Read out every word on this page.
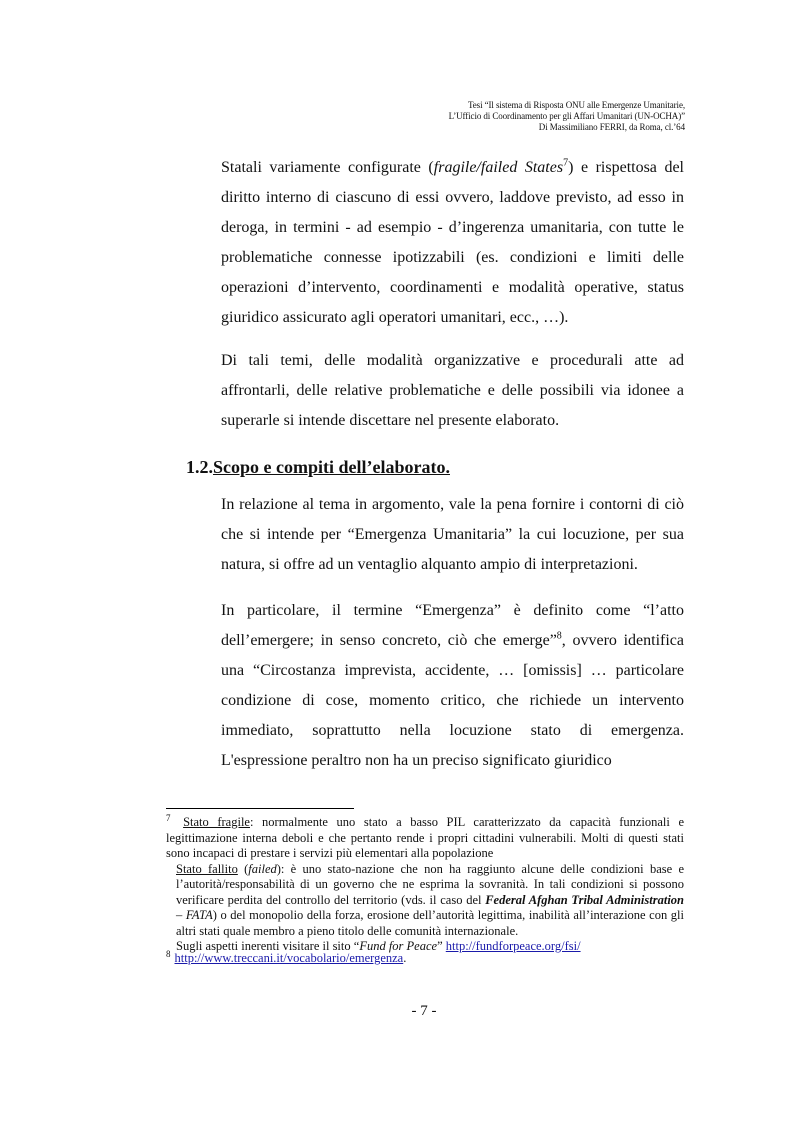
Tesi “Il sistema di Risposta ONU alle Emergenze Umanitarie,
L’Ufficio di Coordinamento per gli Affari Umanitari (UN-OCHA)”
Di Massimiliano FERRI, da Roma, cl.’64

Statali variamente configurate (fragile/failed States$^7$) e rispettosa del diritto interno di ciascuno di essi ovvero, laddove previsto, ad esso in deroga, in termini - ad esempio - d’ingerenza umanitaria, con tutte le problematiche connesse ipotizzabili (es. condizioni e limiti delle operazioni d’intervento, coordinamenti e modalità operative, status giuridico assicurato agli operatori umanitari, ecc., …).

Di tali temi, delle modalità organizzative e procedurali atte ad affrontarli, delle relative problematiche e delle possibili via idonee a superarle si intende discettare nel presente elaborato.

1.2.Scopo e compiti dell’elaborato.

In relazione al tema in argomento, vale la pena fornire i contorni di ciò che si intende per “Emergenza Umanitaria” la cui locuzione, per sua natura, si offre ad un ventaglio alquanto ampio di interpretazioni.

In particolare, il termine “Emergenza” è definito come “l’atto dell’emergere; in senso concreto, ciò che emerge”$^8$, ovvero identifica una “Circostanza imprevista, accidente, … [omissis] … particolare condizione di cose, momento critico, che richiede un intervento immediato, soprattutto nella locuzione stato di emergenza. L'espressione peraltro non ha un preciso significato giuridico

$^7$ Stato fragile: normalmente uno stato a basso PIL caratterizzato da capacità funzionali e legittimazione interna deboli e che pertanto rende i propri cittadini vulnerabili. Molti di questi stati sono incapaci di prestare i servizi più elementari alla popolazione
Stato fallito (failed): è uno stato-nazione che non ha raggiunto alcune delle condizioni base e l’autorità/responsabilità di un governo che ne esprima la sovranità. In tali condizioni si possono verificare perdita del controllo del territorio (vds. il caso del Federal Afghan Tribal Administration – FATA) o del monopolio della forza, erosione dell’autorità legittima, inabilità all’interazione con gli altri stati quale membro a pieno titolo delle comunità internazionale.
Sugli aspetti inerenti visitare il sito “Fund for Peace” http://fundforpeace.org/fsi/
$^8$ http://www.treccani.it/vocabolario/emergenza.
- 7 -
